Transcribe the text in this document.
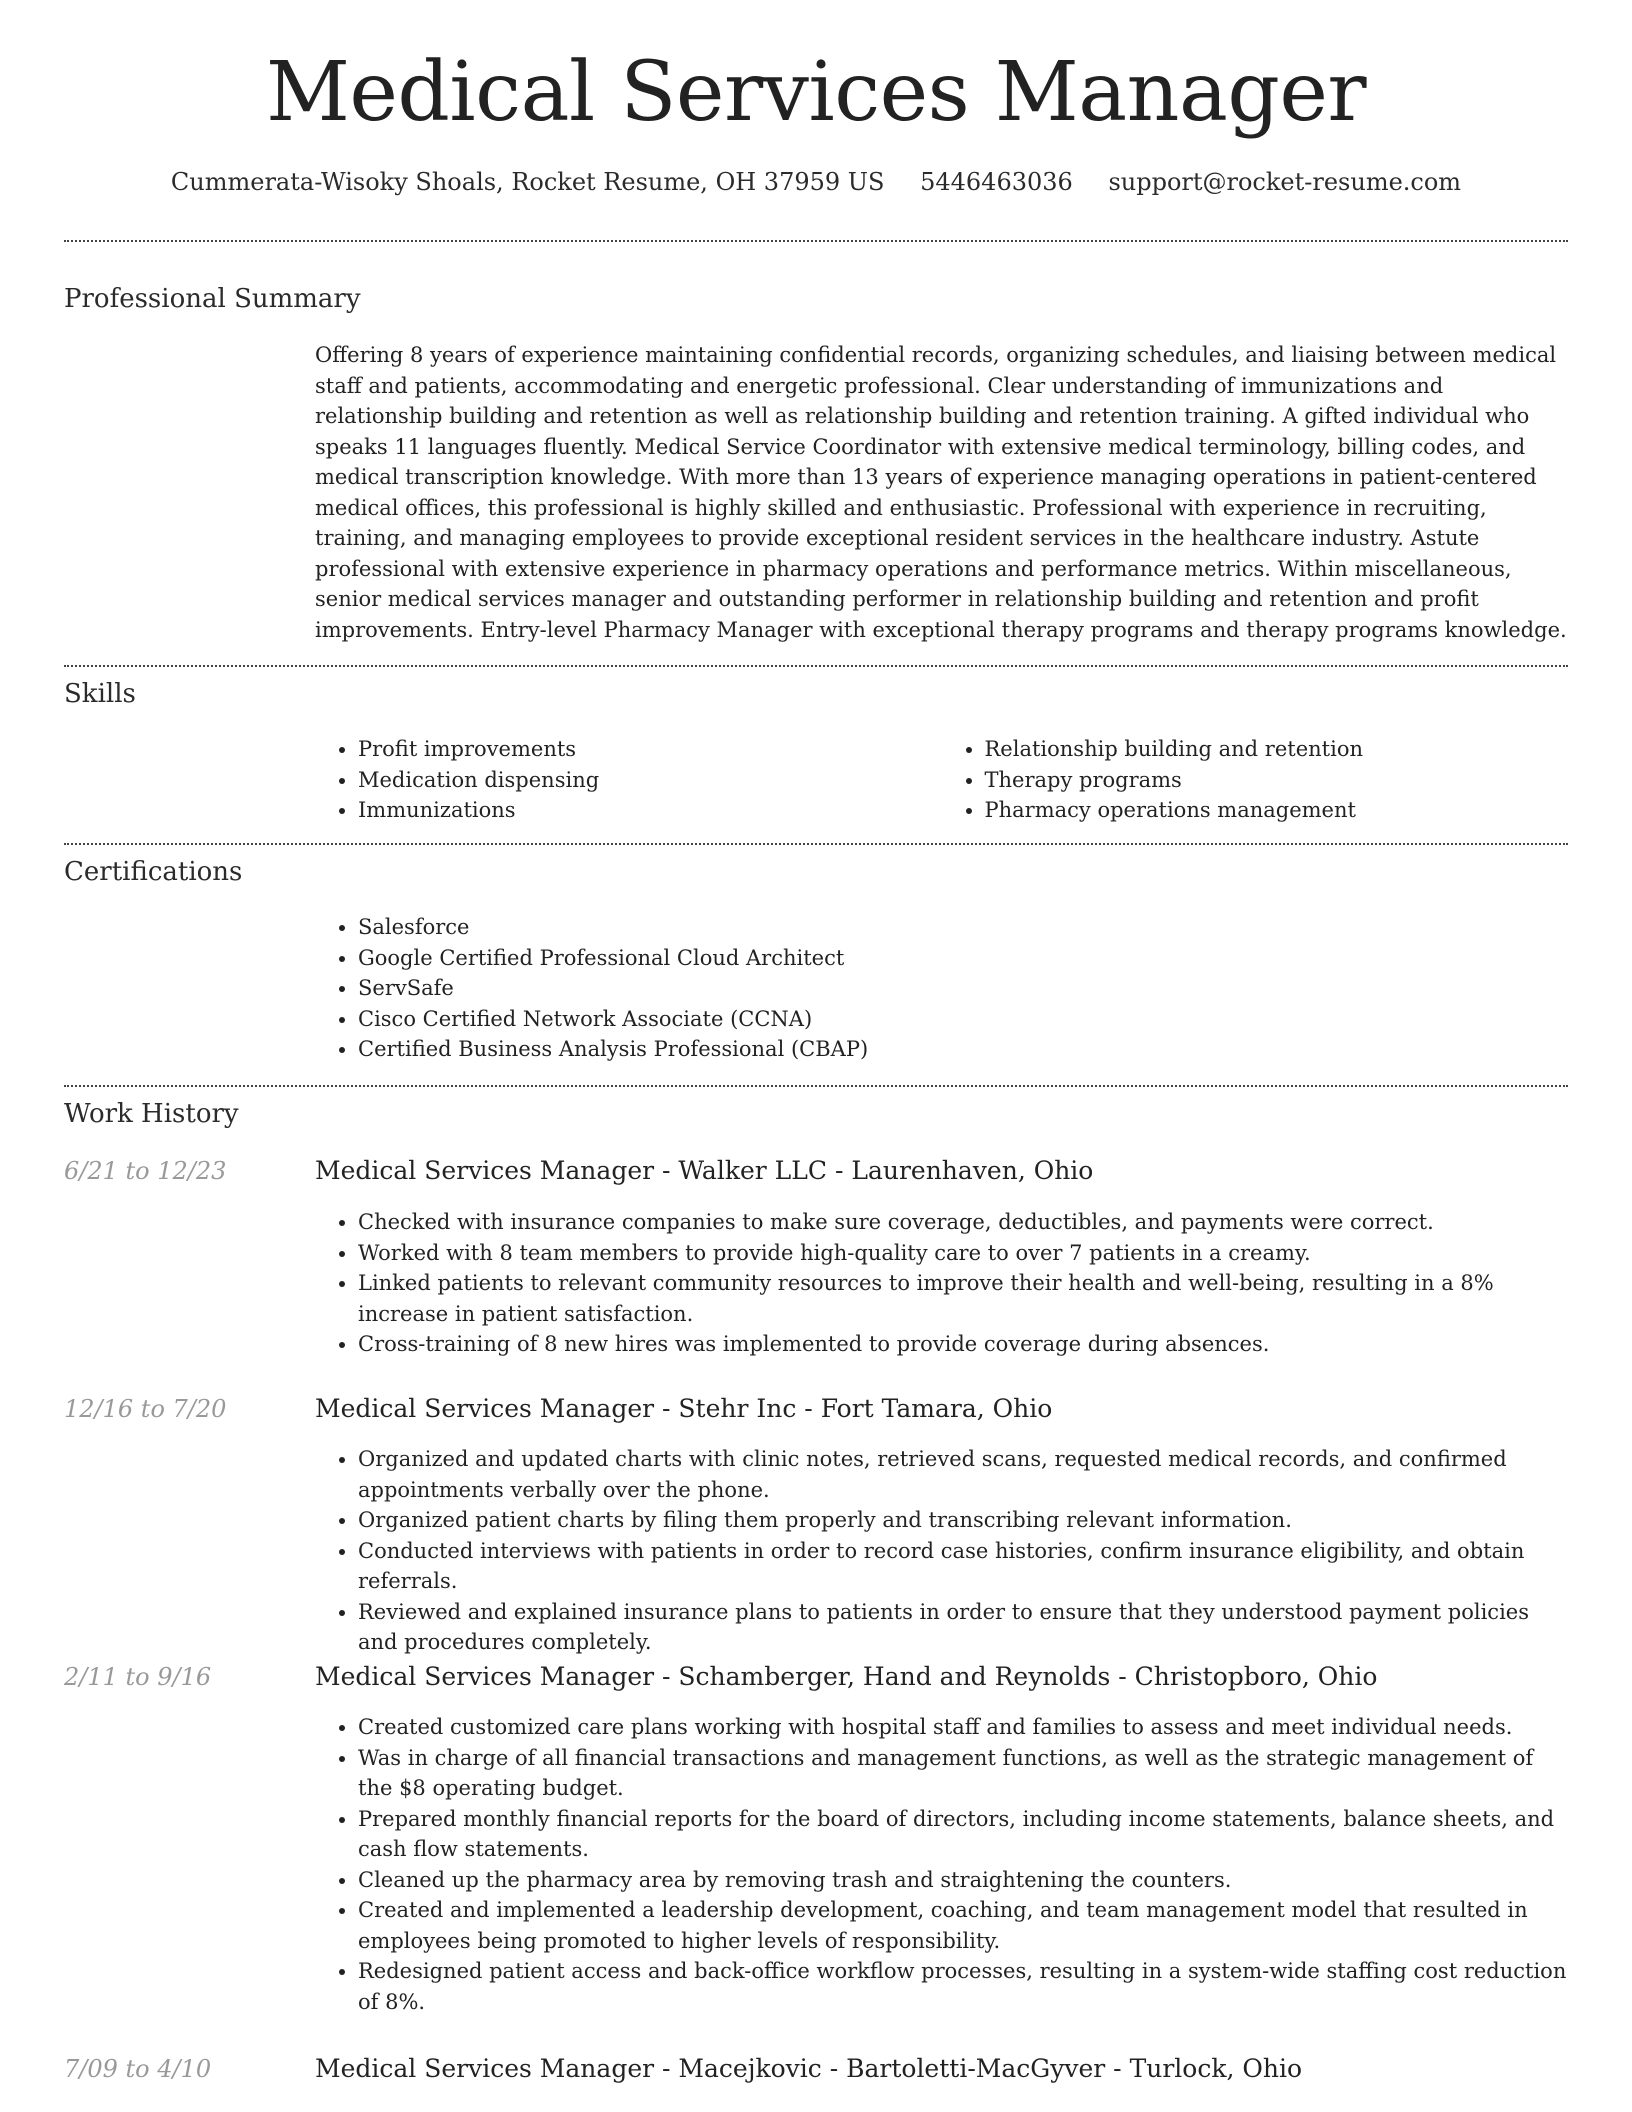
Medical Services Manager
Cummerata-Wisoky Shoals, Rocket Resume, OH 37959 US 5446463036 support@rocket-resume.com
Professional Summary
Offering 8 years of experience maintaining confidential records, organizing schedules, and liaising between medical staff and patients, accommodating and energetic professional. Clear understanding of immunizations and relationship building and retention as well as relationship building and retention training. A gifted individual who speaks 11 languages fluently. Medical Service Coordinator with extensive medical terminology, billing codes, and medical transcription knowledge. With more than 13 years of experience managing operations in patient-centered medical offices, this professional is highly skilled and enthusiastic. Professional with experience in recruiting, training, and managing employees to provide exceptional resident services in the healthcare industry. Astute professional with extensive experience in pharmacy operations and performance metrics. Within miscellaneous, senior medical services manager and outstanding performer in relationship building and retention and profit improvements. Entry-level Pharmacy Manager with exceptional therapy programs and therapy programs knowledge.
Skills
• Profit improvements
• Medication dispensing
• Immunizations
• Relationship building and retention
• Therapy programs
• Pharmacy operations management
Certifications
• Salesforce
• Google Certified Professional Cloud Architect
• ServSafe
• Cisco Certified Network Associate (CCNA)
• Certified Business Analysis Professional (CBAP)
Work History
6/21 to 12/23	Medical Services Manager - Walker LLC - Laurenhaven, Ohio
• Checked with insurance companies to make sure coverage, deductibles, and payments were correct.
• Worked with 8 team members to provide high-quality care to over 7 patients in a creamy.
• Linked patients to relevant community resources to improve their health and well-being, resulting in a 8% increase in patient satisfaction.
• Cross-training of 8 new hires was implemented to provide coverage during absences.
12/16 to 7/20	Medical Services Manager - Stehr Inc - Fort Tamara, Ohio
• Organized and updated charts with clinic notes, retrieved scans, requested medical records, and confirmed appointments verbally over the phone.
• Organized patient charts by filing them properly and transcribing relevant information.
• Conducted interviews with patients in order to record case histories, confirm insurance eligibility, and obtain referrals.
• Reviewed and explained insurance plans to patients in order to ensure that they understood payment policies and procedures completely.
2/11 to 9/16	Medical Services Manager - Schamberger, Hand and Reynolds - Christopboro, Ohio
• Created customized care plans working with hospital staff and families to assess and meet individual needs.
• Was in charge of all financial transactions and management functions, as well as the strategic management of the $8 operating budget.
• Prepared monthly financial reports for the board of directors, including income statements, balance sheets, and cash flow statements.
• Cleaned up the pharmacy area by removing trash and straightening the counters.
• Created and implemented a leadership development, coaching, and team management model that resulted in employees being promoted to higher levels of responsibility.
• Redesigned patient access and back-office workflow processes, resulting in a system-wide staffing cost reduction of 8%.
7/09 to 4/10	Medical Services Manager - Macejkovic - Bartoletti-MacGyver - Turlock, Ohio
